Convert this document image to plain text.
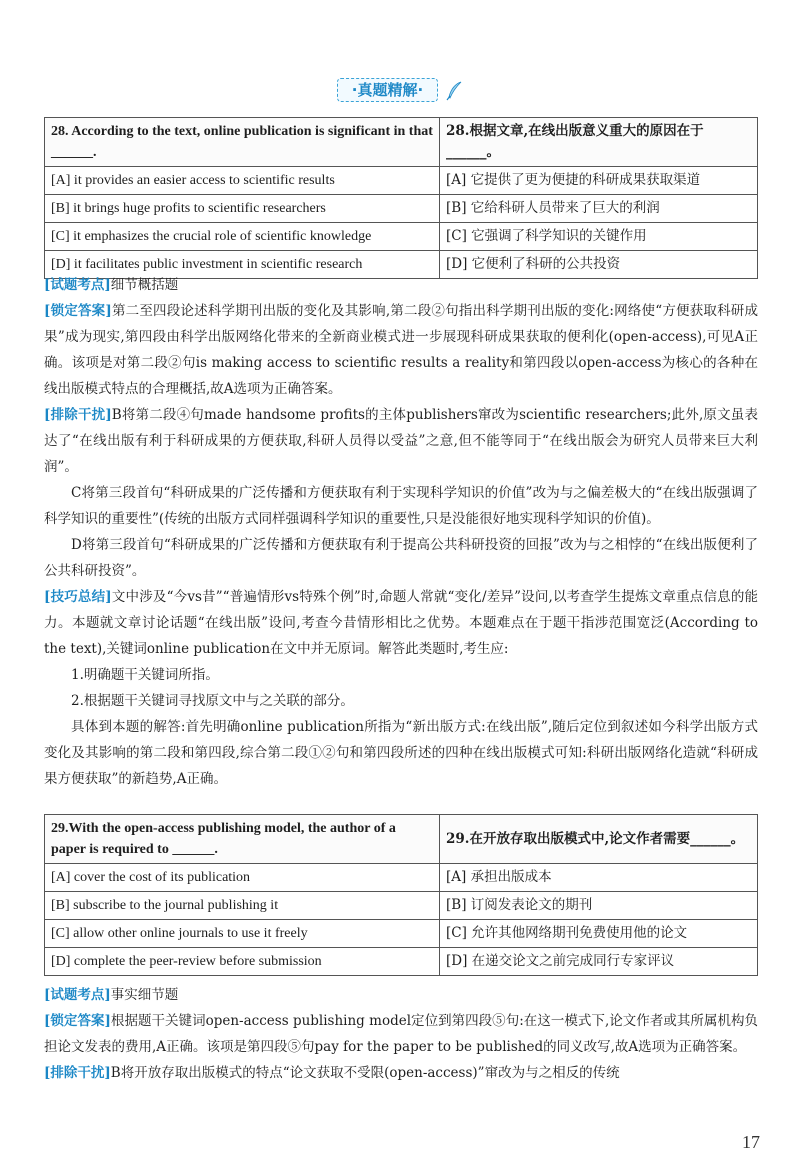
·真题精解·
28. According to the text, online publication is significant in that ______.	28.根据文章,在线出版意义重大的原因在于______。
[A] it provides an easier access to scientific results	[A] 它提供了更为便捷的科研成果获取渠道
[B] it brings huge profits to scientific researchers	[B] 它给科研人员带来了巨大的利润
[C] it emphasizes the crucial role of scientific knowledge	[C] 它强调了科学知识的关键作用
[D] it facilitates public investment in scientific research	[D] 它便利了科研的公共投资

[试题考点]细节概括题

[锁定答案]第二至四段论述科学期刊出版的变化及其影响,第二段②句指出科学期刊出版的变化:网络使“方便获取科研成果”成为现实,第四段由科学出版网络化带来的全新商业模式进一步展现科研成果获取的便利化(open-access),可见A正确。该项是对第二段②句is making access to scientific results a reality和第四段以open-access为核心的各种在线出版模式特点的合理概括,故A选项为正确答案。

[排除干扰]B将第二段④句made handsome profits的主体publishers窜改为scientific researchers;此外,原文虽表达了“在线出版有利于科研成果的方便获取,科研人员得以受益”之意,但不能等同于“在线出版会为研究人员带来巨大利润”。

C将第三段首句“科研成果的广泛传播和方便获取有利于实现科学知识的价值”改为与之偏差极大的“在线出版强调了科学知识的重要性”(传统的出版方式同样强调科学知识的重要性,只是没能很好地实现科学知识的价值)。

D将第三段首句“科研成果的广泛传播和方便获取有利于提高公共科研投资的回报”改为与之相悖的“在线出版便利了公共科研投资”。

[技巧总结]文中涉及“今vs昔”“普遍情形vs特殊个例”时,命题人常就“变化/差异”设问,以考查学生提炼文章重点信息的能力。本题就文章讨论话题“在线出版”设问,考查今昔情形相比之优势。本题难点在于题干指涉范围宽泛(According to the text),关键词online publication在文中并无原词。解答此类题时,考生应:

1.明确题干关键词所指。

2.根据题干关键词寻找原文中与之关联的部分。

具体到本题的解答:首先明确online publication所指为“新出版方式:在线出版”,随后定位到叙述如今科学出版方式变化及其影响的第二段和第四段,综合第二段①②句和第四段所述的四种在线出版模式可知:科研出版网络化造就“科研成果方便获取”的新趋势,A正确。

29.With the open-access publishing model, the author of a paper is required to ______.	29.在开放存取出版模式中,论文作者需要______。
[A] cover the cost of its publication	[A] 承担出版成本
[B] subscribe to the journal publishing it	[B] 订阅发表论文的期刊
[C] allow other online journals to use it freely	[C] 允许其他网络期刊免费使用他的论文
[D] complete the peer-review before submission	[D] 在递交论文之前完成同行专家评议

[试题考点]事实细节题

[锁定答案]根据题干关键词open-access publishing model定位到第四段⑤句:在这一模式下,论文作者或其所属机构负担论文发表的费用,A正确。该项是第四段⑤句pay for the paper to be published的同义改写,故A选项为正确答案。

[排除干扰]B将开放存取出版模式的特点“论文获取不受限(open-access)”窜改为与之相反的传统

17
